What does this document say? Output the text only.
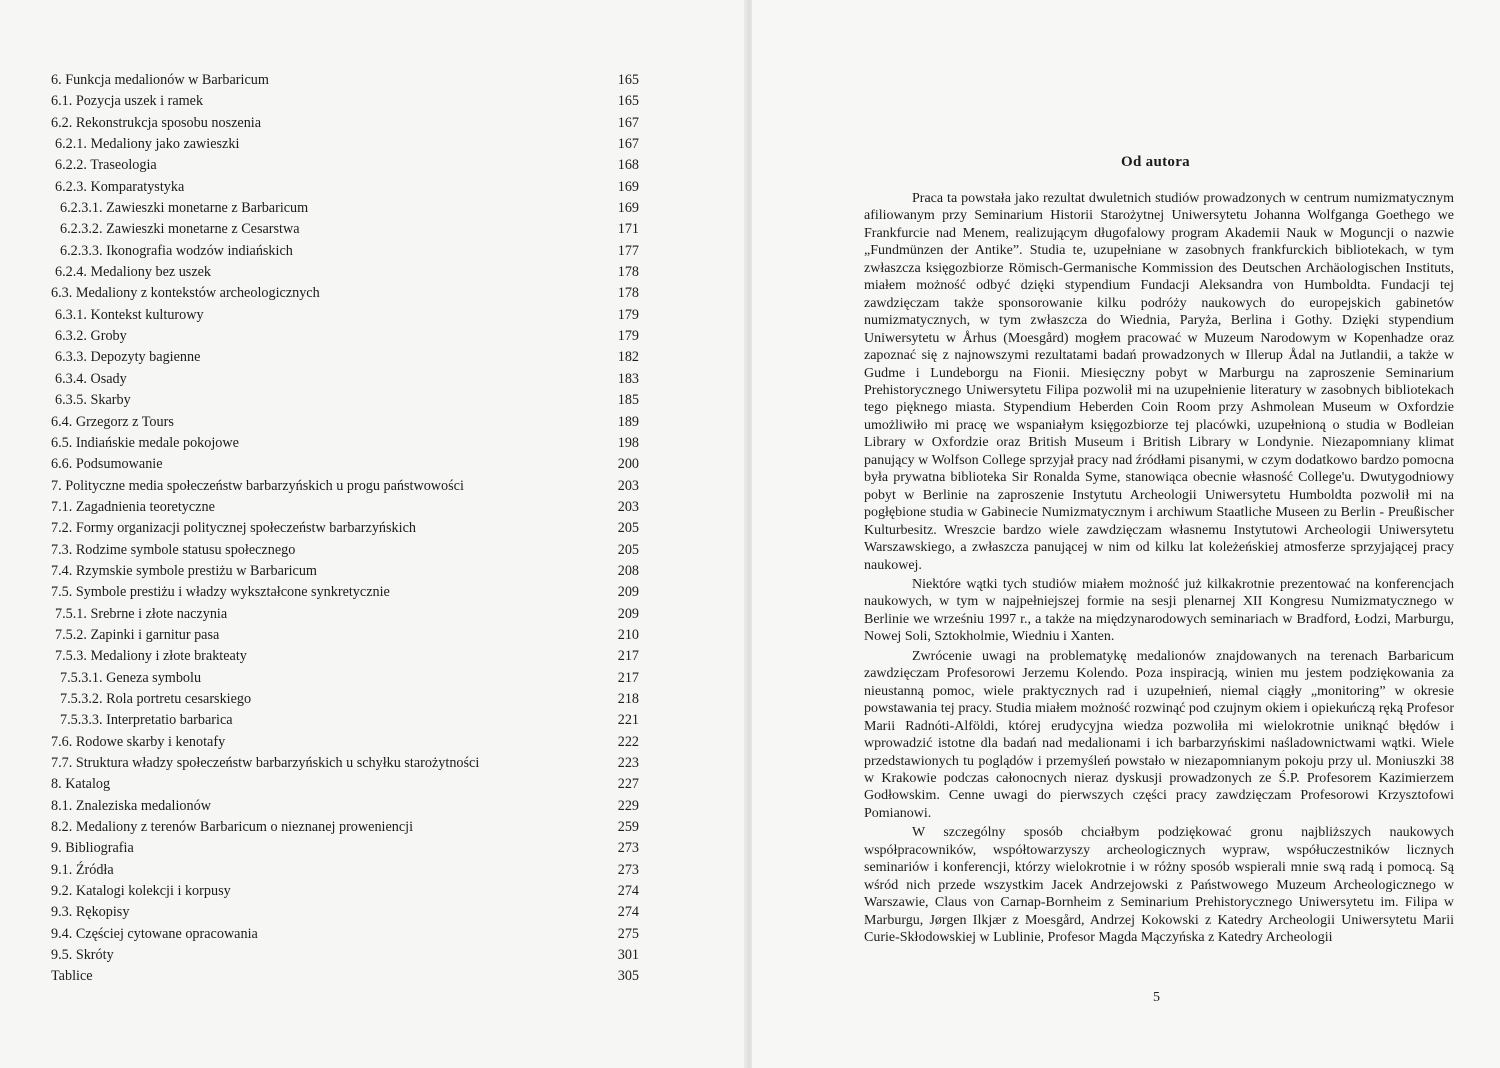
6. Funkcja medalionów w Barbaricum	165
6.1. Pozycja uszek i ramek	165
6.2. Rekonstrukcja sposobu noszenia	167
6.2.1. Medaliony jako zawieszki	167
6.2.2. Traseologia	168
6.2.3. Komparatystyka	169
6.2.3.1. Zawieszki monetarne z Barbaricum	169
6.2.3.2. Zawieszki monetarne z Cesarstwa	171
6.2.3.3. Ikonografia wodzów indiańskich	177
6.2.4. Medaliony bez uszek	178
6.3. Medaliony z kontekstów archeologicznych	178
6.3.1. Kontekst kulturowy	179
6.3.2. Groby	179
6.3.3. Depozyty bagienne	182
6.3.4. Osady	183
6.3.5. Skarby	185
6.4. Grzegorz z Tours	189
6.5. Indiańskie medale pokojowe	198
6.6. Podsumowanie	200
7. Polityczne media społeczeństw barbarzyńskich u progu państwowości	203
7.1. Zagadnienia teoretyczne	203
7.2. Formy organizacji politycznej społeczeństw barbarzyńskich	205
7.3. Rodzime symbole statusu społecznego	205
7.4. Rzymskie symbole prestiżu w Barbaricum	208
7.5. Symbole prestiżu i władzy wykształcone synkretycznie	209
7.5.1. Srebrne i złote naczynia	209
7.5.2. Zapinki i garnitur pasa	210
7.5.3. Medaliony i złote brakteaty	217
7.5.3.1. Geneza symbolu	217
7.5.3.2. Rola portretu cesarskiego	218
7.5.3.3. Interpretatio barbarica	221
7.6. Rodowe skarby i kenotafy	222
7.7. Struktura władzy społeczeństw barbarzyńskich u schyłku starożytności	223
8. Katalog	227
8.1. Znaleziska medalionów	229
8.2. Medaliony z terenów Barbaricum o nieznanej proweniencji	259
9. Bibliografia	273
9.1. Źródła	273
9.2. Katalogi kolekcji i korpusy	274
9.3. Rękopisy	274
9.4. Częściej cytowane opracowania	275
9.5. Skróty	301
Tablice	305
Od autora

Praca ta powstała jako rezultat dwuletnich studiów prowadzonych w centrum numizmatycznym afiliowanym przy Seminarium Historii Starożytnej Uniwersytetu Johanna Wolfganga Goethego we Frankfurcie nad Menem, realizującym długofalowy program Akademii Nauk w Moguncji o nazwie „Fundmünzen der Antike”. Studia te, uzupełniane w zasobnych frankfurckich bibliotekach, w tym zwłaszcza księgozbiorze Römisch-Germanische Kommission des Deutschen Archäologischen Instituts, miałem możność odbyć dzięki stypendium Fundacji Aleksandra von Humboldta. Fundacji tej zawdzięczam także sponsorowanie kilku podróży naukowych do europejskich gabinetów numizmatycznych, w tym zwłaszcza do Wiednia, Paryża, Berlina i Gothy. Dzięki stypendium Uniwersytetu w Århus (Moesgård) mogłem pracować w Muzeum Narodowym w Kopenhadze oraz zapoznać się z najnowszymi rezultatami badań prowadzonych w Illerup Ådal na Jutlandii, a także w Gudme i Lundeborgu na Fionii. Miesięczny pobyt w Marburgu na zaproszenie Seminarium Prehistorycznego Uniwersytetu Filipa pozwolił mi na uzupełnienie literatury w zasobnych bibliotekach tego pięknego miasta. Stypendium Heberden Coin Room przy Ashmolean Museum w Oxfordzie umożliwiło mi pracę we wspaniałym księgozbiorze tej placówki, uzupełnioną o studia w Bodleian Library w Oxfordzie oraz British Museum i British Library w Londynie. Niezapomniany klimat panujący w Wolfson College sprzyjał pracy nad źródłami pisanymi, w czym dodatkowo bardzo pomocna była prywatna biblioteka Sir Ronalda Syme, stanowiąca obecnie własność College'u. Dwutygodniowy pobyt w Berlinie na zaproszenie Instytutu Archeologii Uniwersytetu Humboldta pozwolił mi na pogłębione studia w Gabinecie Numizmatycznym i archiwum Staatliche Museen zu Berlin - Preußischer Kulturbesitz. Wreszcie bardzo wiele zawdzięczam własnemu Instytutowi Archeologii Uniwersytetu Warszawskiego, a zwłaszcza panującej w nim od kilku lat koleżeńskiej atmosferze sprzyjającej pracy naukowej.

Niektóre wątki tych studiów miałem możność już kilkakrotnie prezentować na konferencjach naukowych, w tym w najpełniejszej formie na sesji plenarnej XII Kongresu Numizmatycznego w Berlinie we wrześniu 1997 r., a także na międzynarodowych seminariach w Bradford, Łodzi, Marburgu, Nowej Soli, Sztokholmie, Wiedniu i Xanten.

Zwrócenie uwagi na problematykę medalionów znajdowanych na terenach Barbaricum zawdzięczam Profesorowi Jerzemu Kolendo. Poza inspiracją, winien mu jestem podziękowania za nieustanną pomoc, wiele praktycznych rad i uzupełnień, niemal ciągły „monitoring” w okresie powstawania tej pracy. Studia miałem możność rozwinąć pod czujnym okiem i opiekuńczą ręką Profesor Marii Radnóti-Alföldi, której erudycyjna wiedza pozwoliła mi wielokrotnie uniknąć błędów i wprowadzić istotne dla badań nad medalionami i ich barbarzyńskimi naśladownictwami wątki. Wiele przedstawionych tu poglądów i przemyśleń powstało w niezapomnianym pokoju przy ul. Moniuszki 38 w Krakowie podczas całonocnych nieraz dyskusji prowadzonych ze Ś.P. Profesorem Kazimierzem Godłowskim. Cenne uwagi do pierwszych części pracy zawdzięczam Profesorowi Krzysztofowi Pomianowi.

W szczególny sposób chciałbym podziękować gronu najbliższych naukowych współpracowników, współtowarzyszy archeologicznych wypraw, współuczestników licznych seminariów i konferencji, którzy wielokrotnie i w różny sposób wspierali mnie swą radą i pomocą. Są wśród nich przede wszystkim Jacek Andrzejowski z Państwowego Muzeum Archeologicznego w Warszawie, Claus von Carnap-Bornheim z Seminarium Prehistorycznego Uniwersytetu im. Filipa w Marburgu, Jørgen Ilkjær z Moesgård, Andrzej Kokowski z Katedry Archeologii Uniwersytetu Marii Curie-Skłodowskiej w Lublinie, Profesor Magda Mączyńska z Katedry Archeologii

5
